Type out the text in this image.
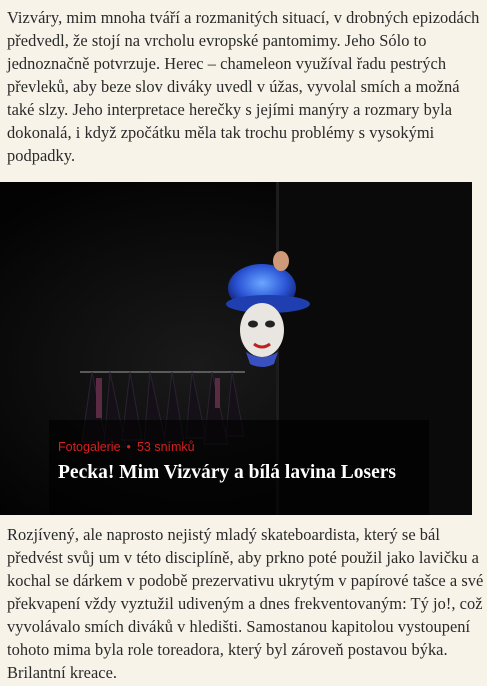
Vizváry, mim mnoha tváří a rozmanitých situací, v drobných epizodách předvedl, že stojí na vrcholu evropské pantomimy. Jeho Sólo to jednoznačně potvrzuje. Herec – chameleon využíval řadu pestrých převleků, aby beze slov diváky uvedl v úžas, vyvolal smích a možná také slzy. Jeho interpretace herečky s jejími manýry a rozmary byla dokonalá, i když zpočátku měla tak trochu problémy s vysokými podpadky.

Fotogalerie • 53 snímků
Pecka! Mim Vizváry a bílá lavina Losers

Rozjívený, ale naprosto nejistý mladý skateboardista, který se bál předvést svůj um v této disciplíně, aby prkno poté použil jako lavičku a kochal se dárkem v podobě prezervativu ukrytým v papírové tašce a své překvapení vždy vyztužil udiveným a dnes frekventovaným: Tý jo!, což vyvolávalo smích diváků v hledišti. Samostanou kapitolou vystoupení tohoto mima byla role toreadora, který byl zároveň postavou býka. Brilantní kreace.
